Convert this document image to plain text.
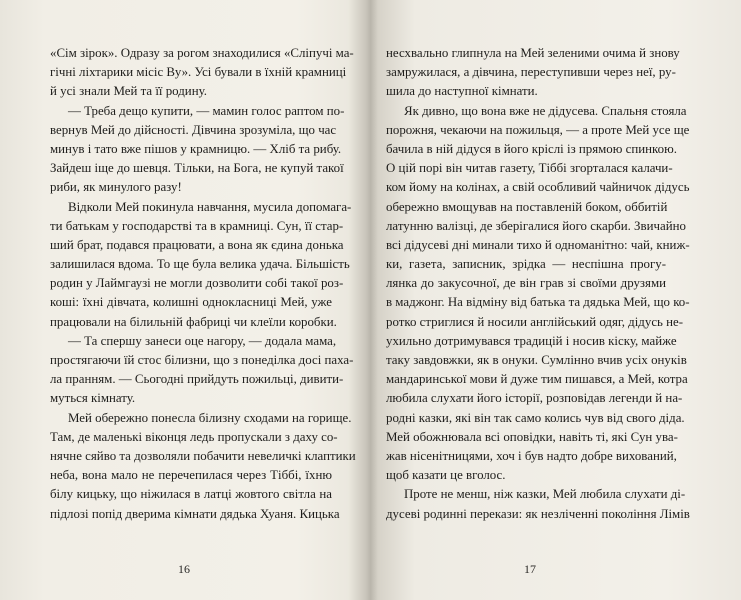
«Сім зірок». Одразу за рогом знаходилися «Сліпучі ма-
гічні ліхтарики місіс Ву». Усі бували в їхній крамниці
й усі знали Мей та її родину.
— Треба дещо купити, — мамин голос раптом по-
вернув Мей до дійсності. Дівчина зрозуміла, що час
минув і тато вже пішов у крамницю. — Хліб та рибу.
Зайдеш іще до шевця. Тільки, на Бога, не купуй такої
риби, як минулого разу!
Відколи Мей покинула навчання, мусила допомага-
ти батькам у господарстві та в крамниці. Сун, її стар-
ший брат, подався працювати, а вона як єдина донька
залишилася вдома. То ще була велика удача. Більшість
родин у Лаймгаузі не могли дозволити собі такої роз-
коші: їхні дівчата, колишні однокласниці Мей, уже
працювали на білильній фабриці чи клеїли коробки.
— Та спершу занеси оце нагору, — додала мама,
простягаючи їй стос білизни, що з понеділка досі паха-
ла пранням. — Сьогодні прийдуть пожильці, дивити-
муться кімнату.
Мей обережно понесла білизну сходами на горище.
Там, де маленькі віконця ледь пропускали з даху со-
нячне сяйво та дозволяли побачити невеличкі клаптики
неба, вона мало не перечепилася через Тіббі, їхню
білу кицьку, що ніжилася в латці жовтого світла на
підлозі попід дверима кімнати дядька Хуаня. Кицька
16
несхвально глипнула на Мей зеленими очима й знову
замружилася, а дівчина, переступивши через неї, ру-
шила до наступної кімнати.
Як дивно, що вона вже не дідусева. Спальня стояла
порожня, чекаючи на пожильця, — а проте Мей усе ще
бачила в ній дідуся в його кріслі із прямою спинкою.
О цій порі він читав газету, Тіббі згорталася калачи-
ком йому на колінах, а свій особливий чайничок дідусь
обережно вмощував на поставленій боком, оббитій
латунню валізці, де зберігалися його скарби. Звичайно
всі дідусеві дні минали тихо й одноманітно: чай, книж-
ки, газета, записник, зрідка — неспішна прогу-
лянка до закусочної, де він грав зі своїми друзями
в маджонг. На відміну від батька та дядька Мей, що ко-
ротко стриглися й носили англійський одяг, дідусь не-
ухильно дотримувався традицій і носив кіску, майже
таку завдовжки, як в онуки. Сумлінно вчив усіх онуків
мандаринської мови й дуже тим пишався, а Мей, котра
любила слухати його історії, розповідав легенди й на-
родні казки, які він так само колись чув від свого діда.
Мей обожнювала всі оповідки, навіть ті, які Сун ува-
жав нісенітницями, хоч і був надто добре вихований,
щоб казати це вголос.
Проте не менш, ніж казки, Мей любила слухати ді-
дусеві родинні перекази: як незліченні покоління Лімів
17
